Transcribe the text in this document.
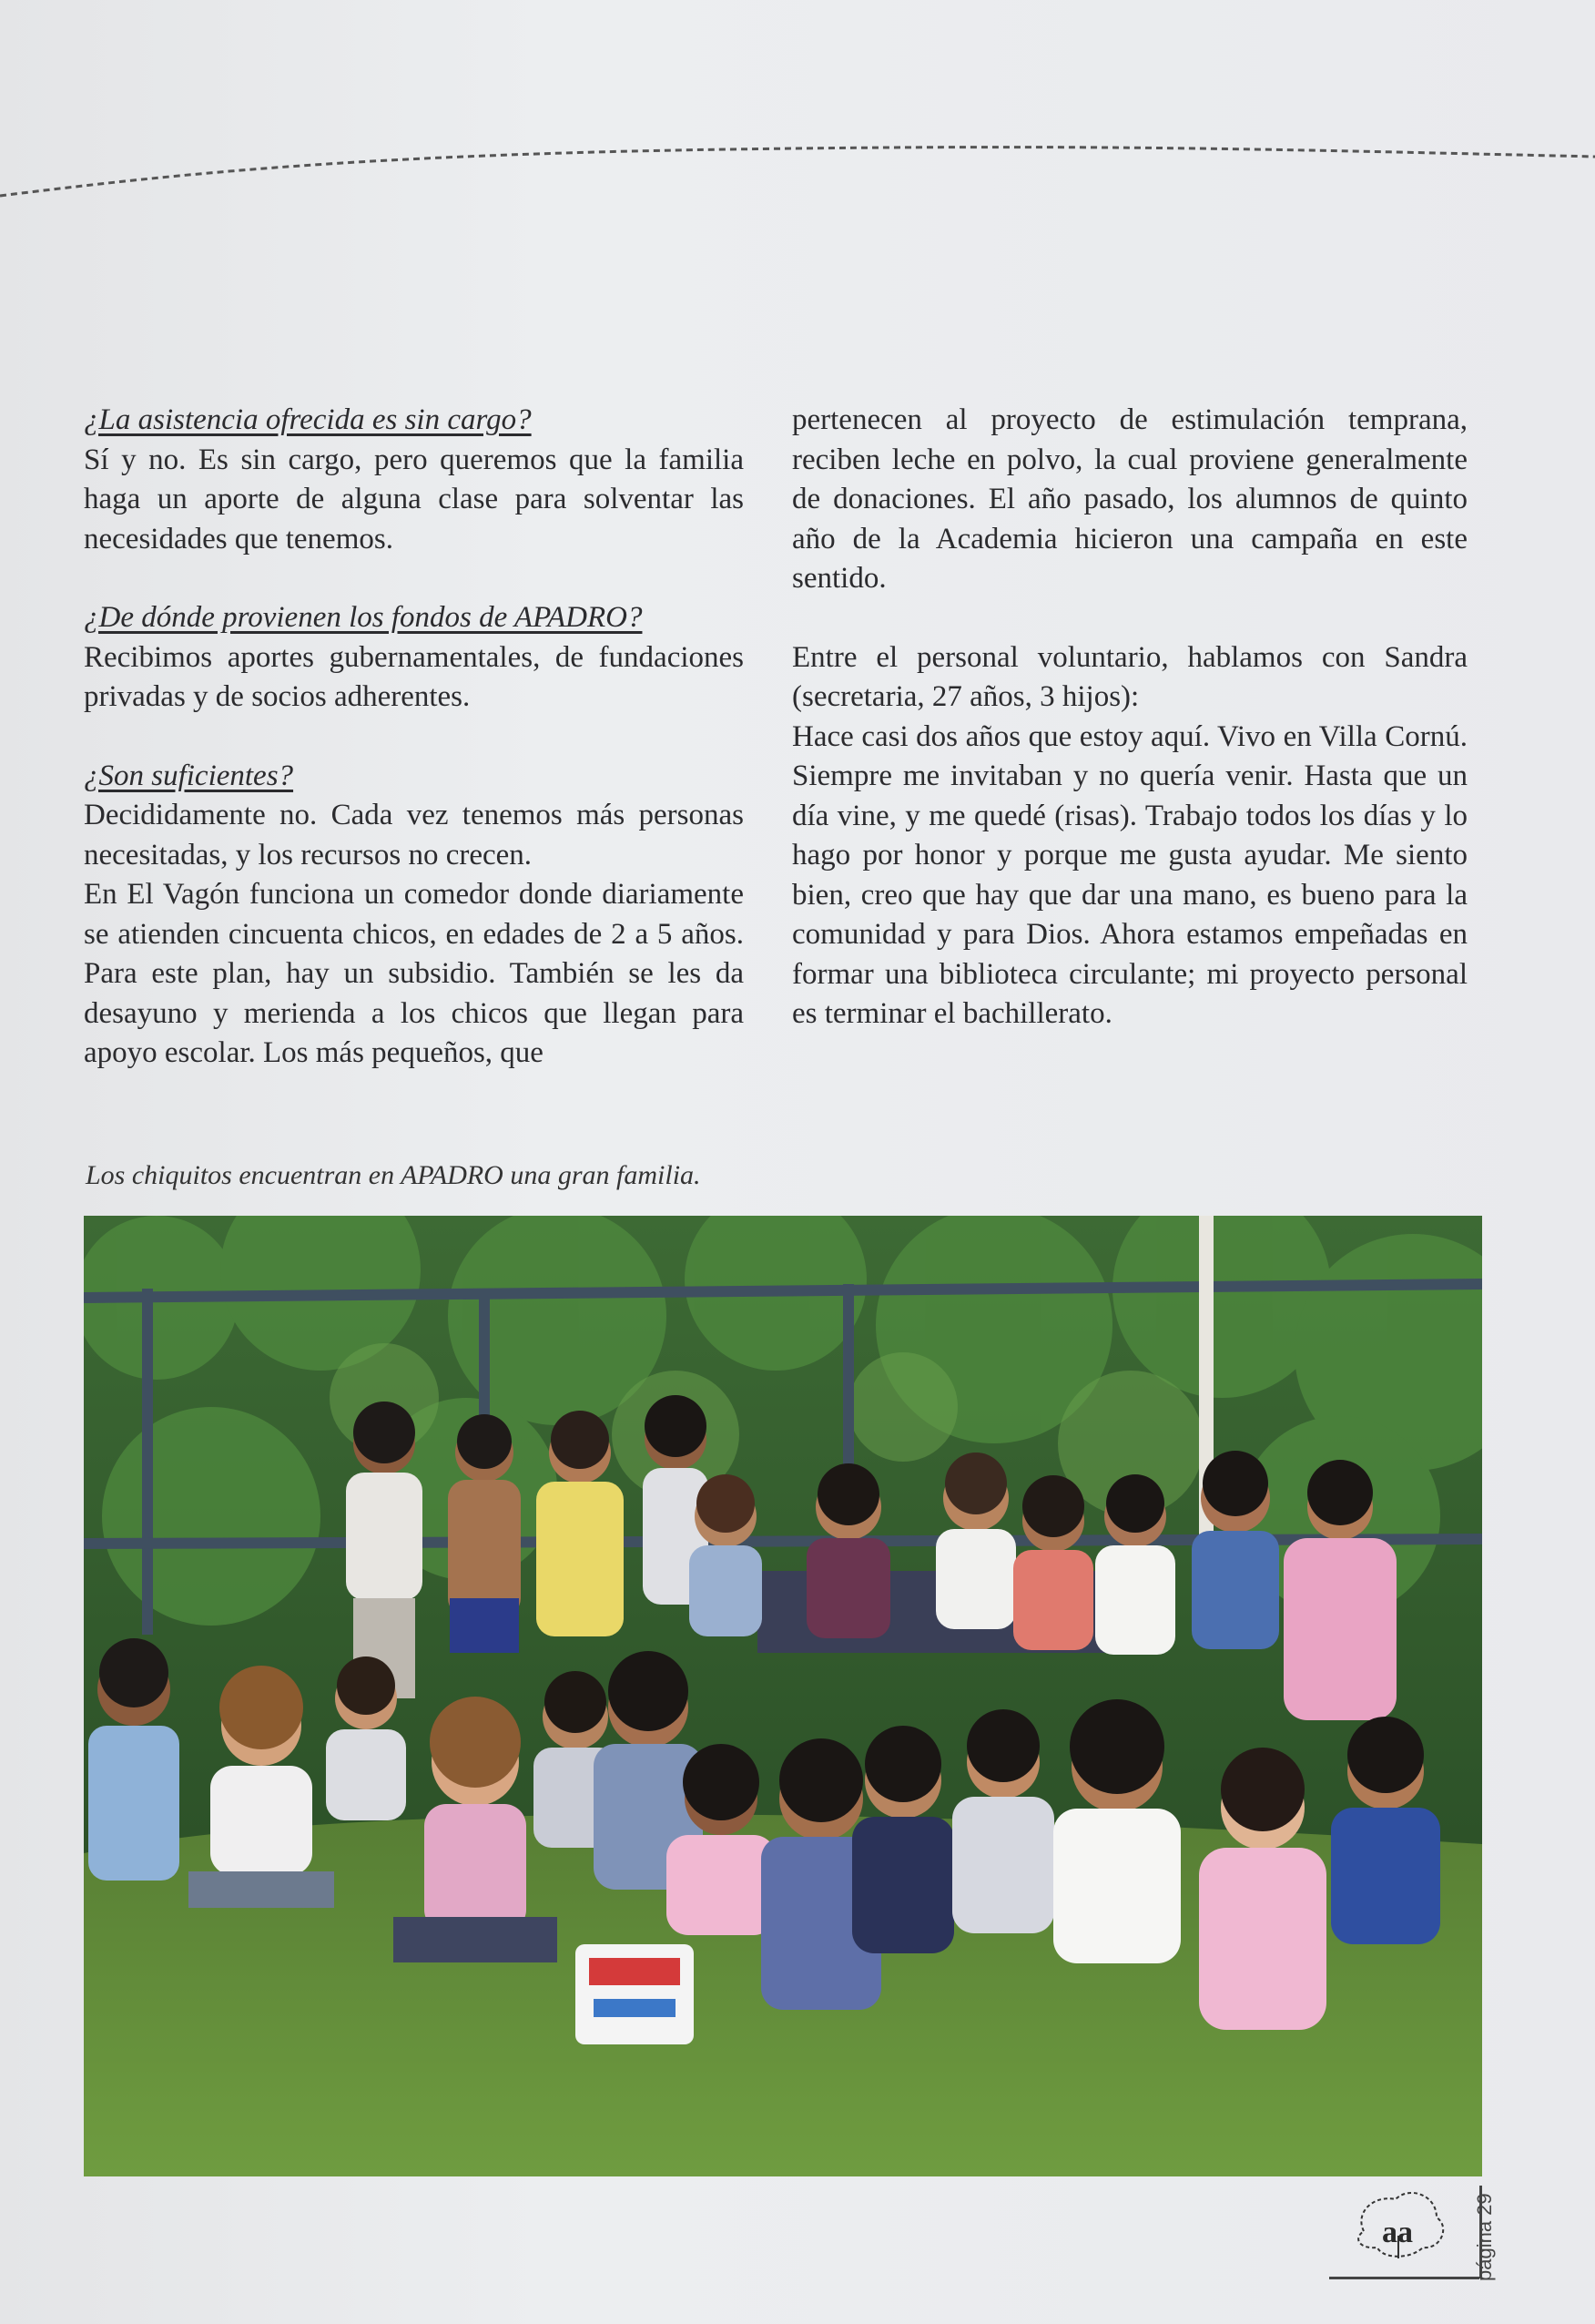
¿La asistencia ofrecida es sin cargo?
Sí y no. Es sin cargo, pero queremos que la familia haga un aporte de alguna clase para solventar las necesidades que tenemos.
¿De dónde provienen los fondos de APADRO?
Recibimos aportes gubernamentales, de fundaciones privadas y de socios adherentes.
¿Son suficientes?
Decididamente no. Cada vez tenemos más personas necesitadas, y los recursos no crecen.
En El Vagón funciona un comedor donde diariamente se atienden cincuenta chicos, en edades de 2 a 5 años. Para este plan, hay un subsidio. También se les da desayuno y merienda a los chicos que llegan para apoyo escolar. Los más pequeños, que
pertenecen al proyecto de estimulación temprana, reciben leche en polvo, la cual proviene generalmente de donaciones. El año pasado, los alumnos de quinto año de la Academia hicieron una campaña en este sentido.
Entre el personal voluntario, hablamos con Sandra (secretaria, 27 años, 3 hijos):
Hace casi dos años que estoy aquí. Vivo en Villa Cornú. Siempre me invitaban y no quería venir. Hasta que un día vine, y me quedé (risas). Trabajo todos los días y lo hago por honor y porque me gusta ayudar. Me siento bien, creo que hay que dar una mano, es bueno para la comunidad y para Dios. Ahora estamos empeñadas en formar una biblioteca circulante; mi proyecto personal es terminar el bachillerato.
Los chiquitos encuentran en APADRO una gran familia.
aa	página 29
